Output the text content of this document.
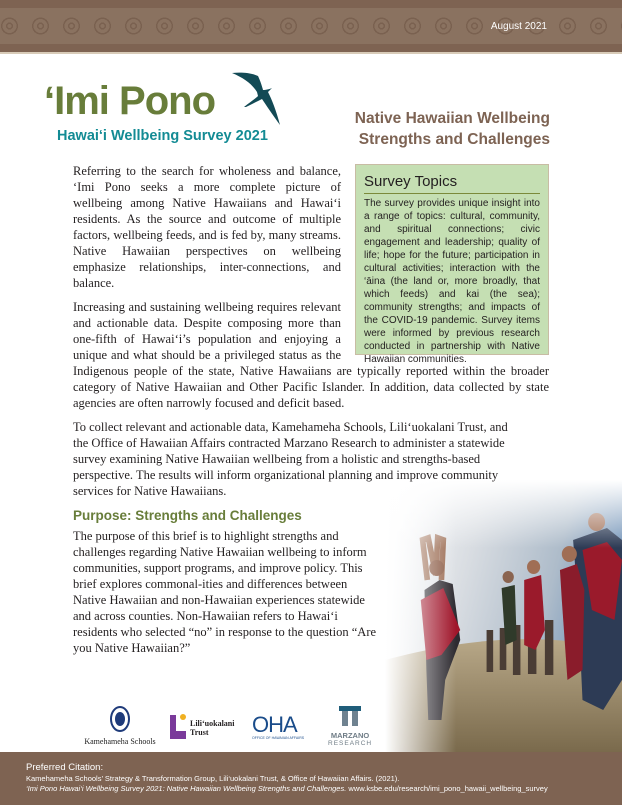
August 2021
‘Imi Pono
Hawai‘i Wellbeing Survey 2021
Native Hawaiian Wellbeing
Strengths and Challenges
Survey Topics
The survey provides unique insight into a range of topics: cultural, community, and spiritual connections; civic engagement and leadership; quality of life; hope for the future; participation in cultural activities; interaction with the ‘āina (the land or, more broadly, that which feeds) and kai (the sea); community strengths; and impacts of the COVID-19 pandemic. Survey items were informed by previous research conducted in partnership with Native Hawaiian communities.

Referring to the search for wholeness and balance, ‘Imi Pono seeks a more complete picture of wellbeing among Native Hawaiians and Hawai‘i residents. As the source and outcome of multiple factors, wellbeing feeds, and is fed by, many streams. Native Hawaiian perspectives on wellbeing emphasize relationships, inter-connections, and balance.

Increasing and sustaining wellbeing requires relevant and actionable data. Despite composing more than one-fifth of Hawai‘i’s population and enjoying a unique and what should be a privileged status as the Indigenous people of the state, Native Hawaiians are typically reported within the broader category of Native Hawaiian and Other Pacific Islander. In addition, data collected by state agencies are often narrowly focused and deficit based.

To collect relevant and actionable data, Kamehameha Schools, Lili‘uokalani Trust, and the Office of Hawaiian Affairs contracted Marzano Research to administer a statewide survey examining Native Hawaiian wellbeing from a holistic and strengths-based perspective. The results will inform organizational planning and improve community services for Native Hawaiians.

Purpose: Strengths and Challenges

The purpose of this brief is to highlight strengths and challenges regarding Native Hawaiian wellbeing to inform communities, support programs, and improve policy. This brief explores commonal-ities and differences between Native Hawaiian and non-Hawaiian experiences statewide and across counties. Non-Hawaiian refers to Hawai‘i residents who selected “no” in response to the question “Are you Native Hawaiian?”

Kamehameha Schools
Lili‘uokalani
Trust	OHA
OFFICE OF HAWAIIAN AFFAIRS	MARZANO
RESEARCH
Preferred Citation:
Kamehameha Schools’ Strategy & Transformation Group, Lili‘uokalani Trust, & Office of Hawaiian Affairs. (2021).
‘Imi Pono Hawai‘i Wellbeing Survey 2021: Native Hawaiian Wellbeing Strengths and Challenges. www.ksbe.edu/research/imi_pono_hawaii_wellbeing_survey
